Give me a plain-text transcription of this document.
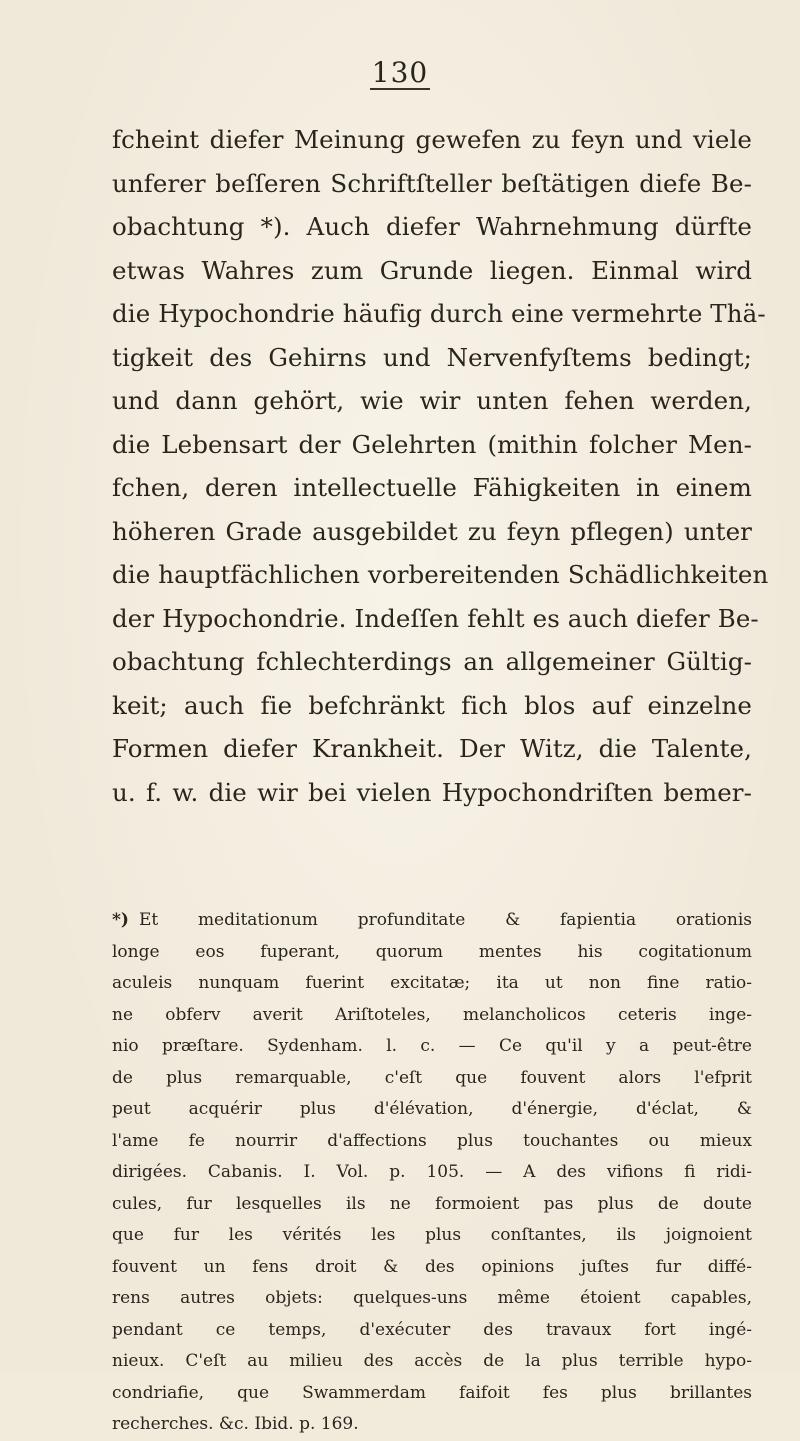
130
fcheint diefer Meinung gewefen zu feyn und viele
unferer beſſeren Schriftſteller beſtätigen diefe Be-
obachtung *). Auch diefer Wahrnehmung dürfte
etwas Wahres zum Grunde liegen. Einmal wird
die Hypochondrie häufig durch eine vermehrte Thä-
tigkeit des Gehirns und Nervenfyſtems bedingt;
und dann gehört, wie wir unten fehen werden,
die Lebensart der Gelehrten (mithin folcher Men-
fchen, deren intellectuelle Fähigkeiten in einem
höheren Grade ausgebildet zu feyn pflegen) unter
die hauptfächlichen vorbereitenden Schädlichkeiten
der Hypochondrie. Indeſſen fehlt es auch diefer Be-
obachtung fchlechterdings an allgemeiner Gültig-
keit; auch fie befchränkt fich blos auf einzelne
Formen diefer Krankheit. Der Witz, die Talente,
u. f. w. die wir bei vielen Hypochondriſten bemer-
*) Et meditationum profunditate & fapientia orationis
longe eos fuperant, quorum mentes his cogitationum
aculeis nunquam fuerint excitatæ; ita ut non fine ratio-
ne obferv averit Ariſtoteles, melancholicos ceteris inge-
nio præſtare. Sydenham. l. c. — Ce qu'il y a peut-être
de plus remarquable, c'eſt que fouvent alors l'efprit
peut acquérir plus d'élévation, d'énergie, d'éclat, &
l'ame fe nourrir d'affections plus touchantes ou mieux
dirigées. Cabanis. I. Vol. p. 105. — A des vifions fi ridi-
cules, fur lesquelles ils ne formoient pas plus de doute
que fur les vérités les plus conſtantes, ils joignoient
fouvent un fens droit & des opinions juſtes fur diffé-
rens autres objets: quelques-uns même étoient capables,
pendant ce temps, d'exécuter des travaux fort ingé-
nieux. C'eſt au milieu des accès de la plus terrible hypo-
condriafie, que Swammerdam faifoit fes plus brillantes
recherches. &c. Ibid. p. 169.
